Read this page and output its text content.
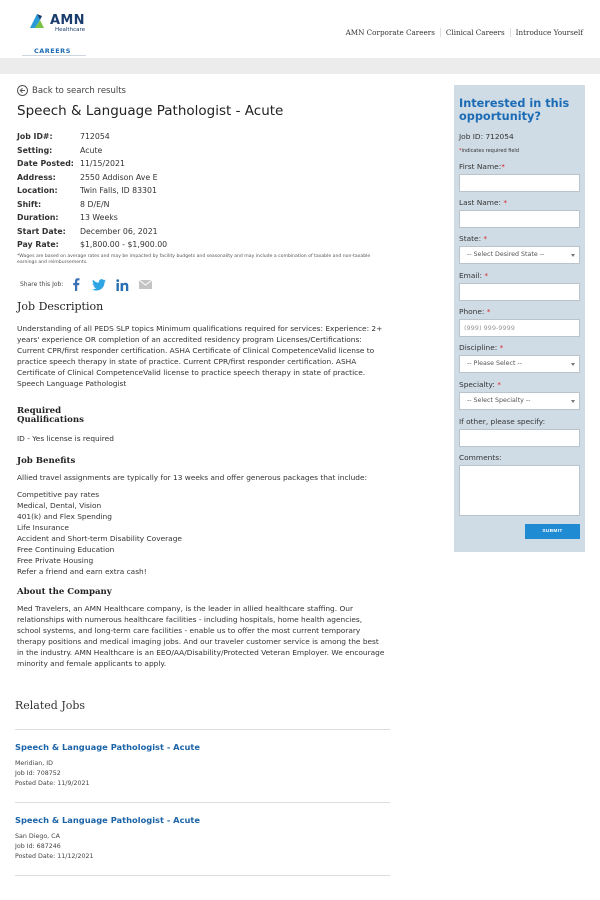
AMN
Healthcare
CAREERS
AMN Corporate Careers	Clinical Careers	Introduce Yourself
Back to search results
Speech & Language Pathologist - Acute
Job ID#:	712054
Setting:	Acute
Date Posted: 11/15/2021
Address:	2550 Addison Ave E
Location:	Twin Falls, ID 83301
Shift:	8 D/E/N
Duration:	13 Weeks
Start Date:	December 06, 2021
Pay Rate:	$1,800.00 - $1,900.00

*Wages are based on average rates and may be impacted by facility budgets and seasonality and may include a combination of taxable and non-taxable earnings and reimbursements.

Share this Job:
Job Description

Understanding of all PEDS SLP topics Minimum qualifications required for services: Experience: 2+ years' experience OR completion of an accredited residency program Licenses/Certifications: Current CPR/first responder certification. ASHA Certificate of Clinical CompetenceValid license to practice speech therapy in state of practice. Current CPR/first responder certification. ASHA Certificate of Clinical CompetenceValid license to practice speech therapy in state of practice. Speech Language Pathologist

Required
Qualifications

ID - Yes license is required

Job Benefits

Allied travel assignments are typically for 13 weeks and offer generous packages that include:

Competitive pay rates
Medical, Dental, Vision
401(k) and Flex Spending
Life Insurance
Accident and Short-term Disability Coverage
Free Continuing Education
Free Private Housing
Refer a friend and earn extra cash!
About the Company

Med Travelers, an AMN Healthcare company, is the leader in allied healthcare staffing. Our relationships with numerous healthcare facilities - including hospitals, home health agencies, school systems, and long-term care facilities - enable us to offer the most current temporary therapy positions and medical imaging jobs. And our traveler customer service is among the best in the industry. AMN Healthcare is an EEO/AA/Disability/Protected Veteran Employer. We encourage minority and female applicants to apply.

Related Jobs
Speech & Language Pathologist - Acute
Meridian, ID
Job Id: 708752
Posted Date: 11/9/2021
Speech & Language Pathologist - Acute
San Diego, CA
Job Id: 687246
Posted Date: 11/12/2021
Interested in this opportunity?
Job ID: 712054
*indicates required field
First Name:*
Last Name: *
State: *
-- Select Desired State --
Email: *
Phone: *
(999) 999-9999
Discipline: *
-- Please Select --
Specialty: *
-- Select Specialty --
If other, please specify:
Comments:
SUBMIT
